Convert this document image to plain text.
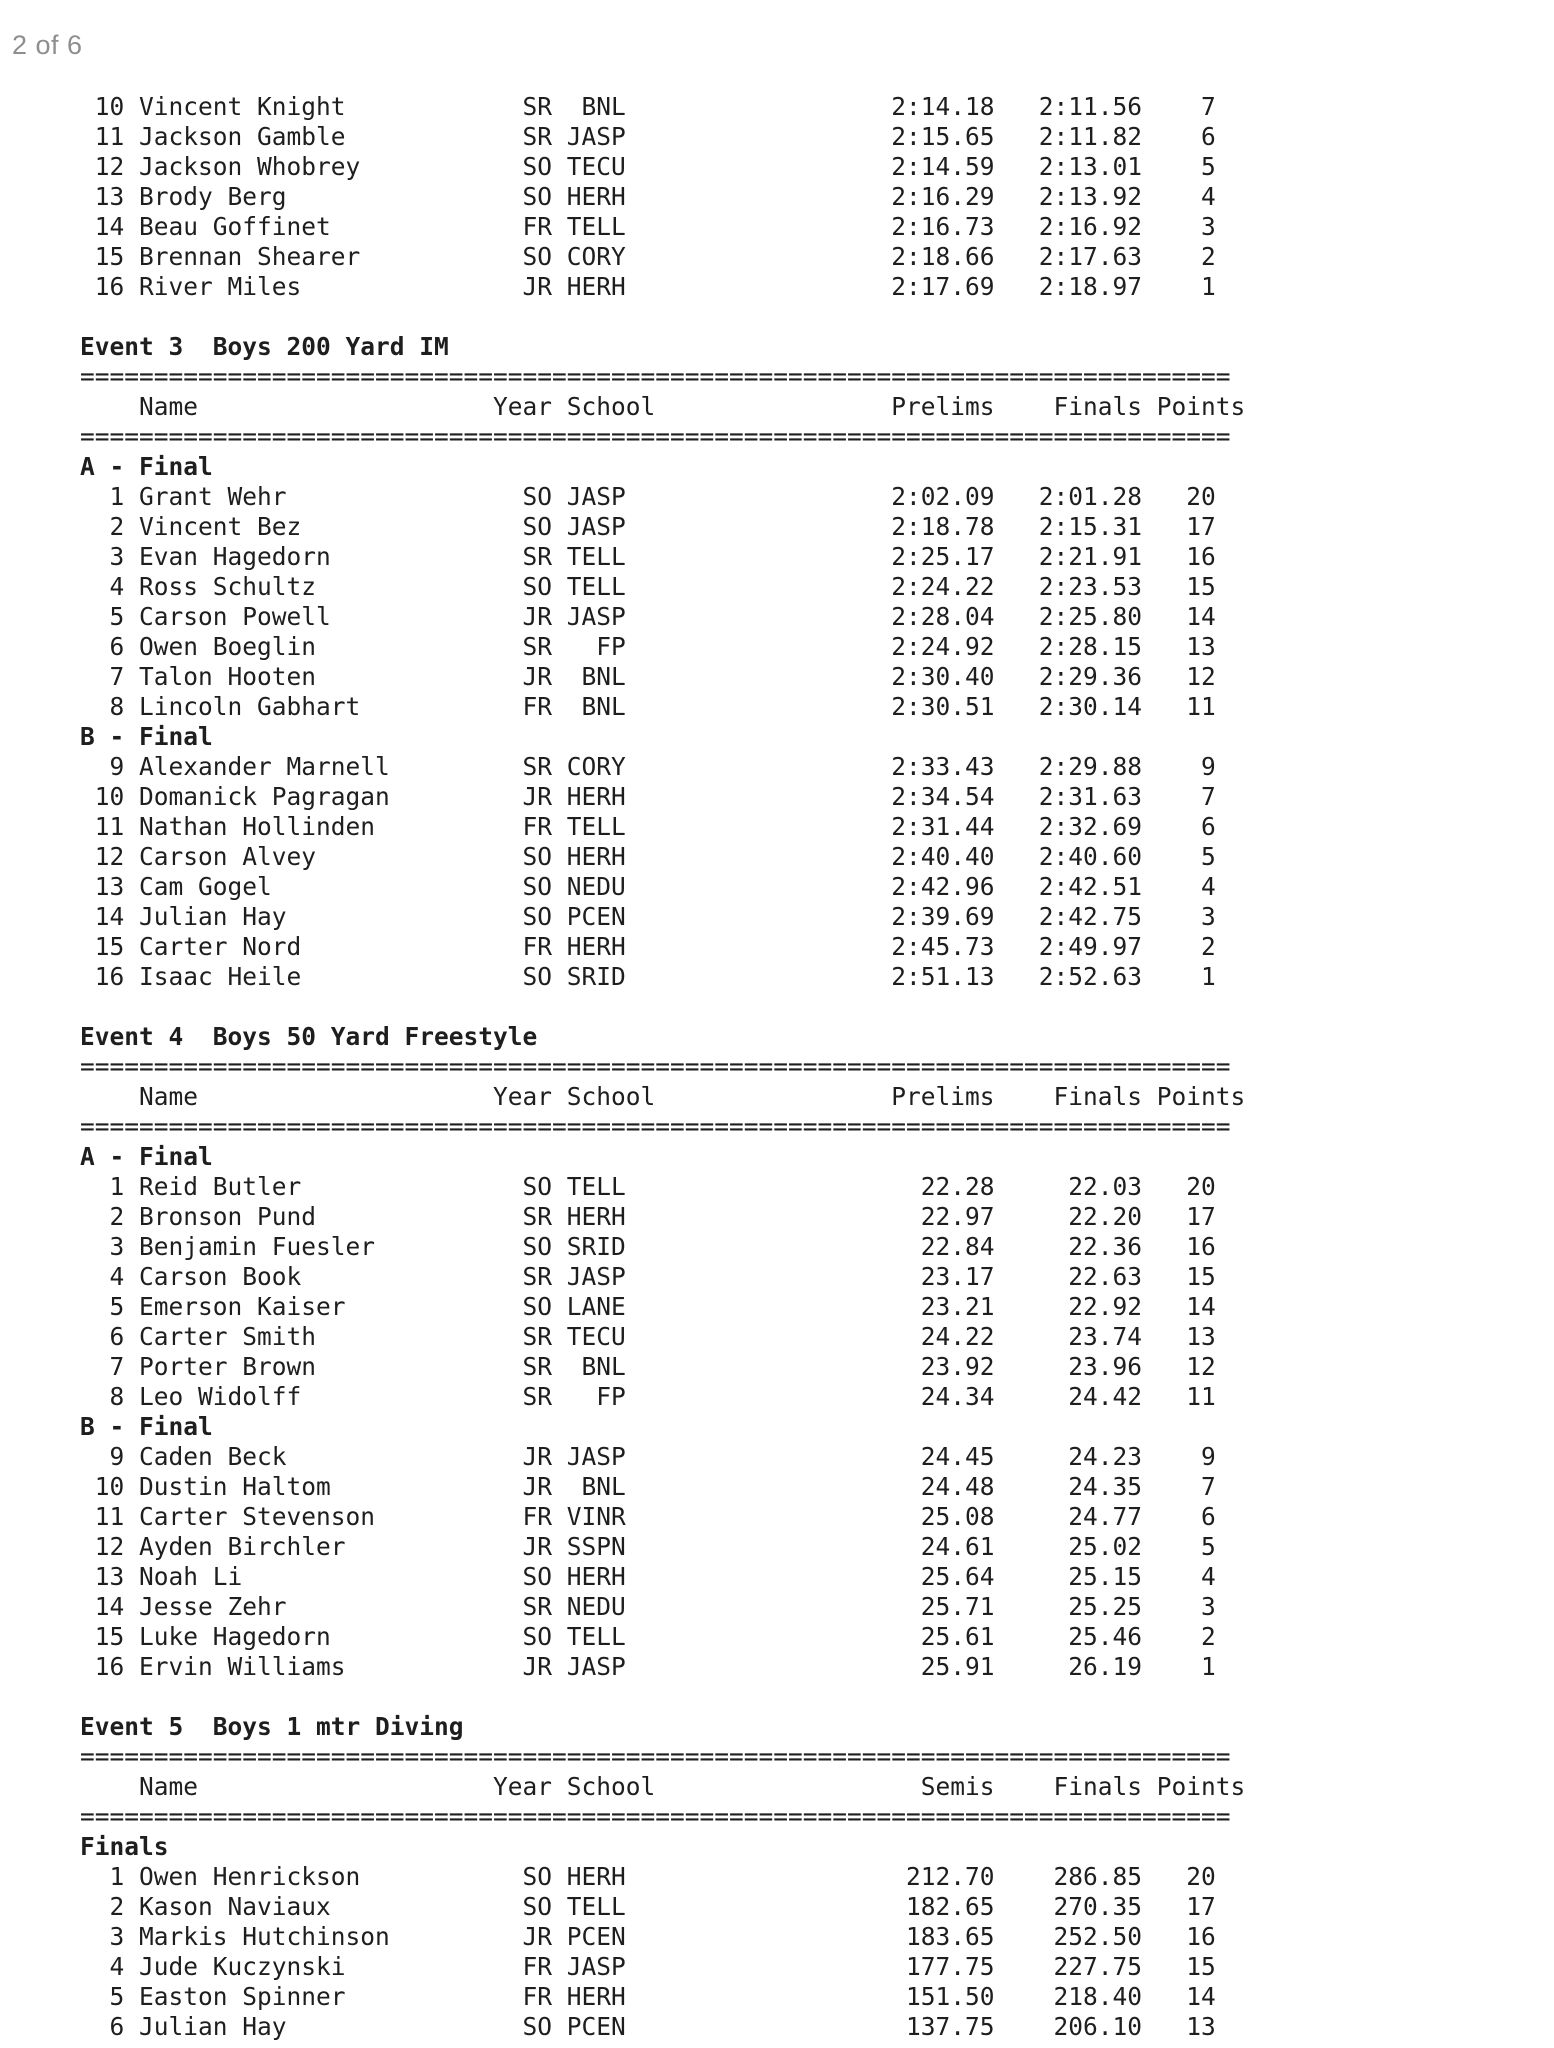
2 of 6
10 Vincent Knight            SR  BNL                  2:14.18   2:11.56    7
11 Jackson Gamble            SR JASP                  2:15.65   2:11.82    6
12 Jackson Whobrey           SO TECU                  2:14.59   2:13.01    5
13 Brody Berg                SO HERH                  2:16.29   2:13.92    4
14 Beau Goffinet             FR TELL                  2:16.73   2:16.92    3
15 Brennan Shearer           SO CORY                  2:18.66   2:17.63    2
16 River Miles               JR HERH                  2:17.69   2:18.97    1
Event 3  Boys 200 Yard IM
==============================================================================
Name                    Year School                Prelims    Finals Points
==============================================================================
A - Final
1 Grant Wehr                SO JASP                  2:02.09   2:01.28   20
2 Vincent Bez               SO JASP                  2:18.78   2:15.31   17
3 Evan Hagedorn             SR TELL                  2:25.17   2:21.91   16
4 Ross Schultz              SO TELL                  2:24.22   2:23.53   15
5 Carson Powell             JR JASP                  2:28.04   2:25.80   14
6 Owen Boeglin              SR   FP                  2:24.92   2:28.15   13
7 Talon Hooten              JR  BNL                  2:30.40   2:29.36   12
8 Lincoln Gabhart           FR  BNL                  2:30.51   2:30.14   11
B - Final
9 Alexander Marnell         SR CORY                  2:33.43   2:29.88    9
10 Domanick Pagragan         JR HERH                  2:34.54   2:31.63    7
11 Nathan Hollinden          FR TELL                  2:31.44   2:32.69    6
12 Carson Alvey              SO HERH                  2:40.40   2:40.60    5
13 Cam Gogel                 SO NEDU                  2:42.96   2:42.51    4
14 Julian Hay                SO PCEN                  2:39.69   2:42.75    3
15 Carter Nord               FR HERH                  2:45.73   2:49.97    2
16 Isaac Heile               SO SRID                  2:51.13   2:52.63    1
Event 4  Boys 50 Yard Freestyle
==============================================================================
Name                    Year School                Prelims    Finals Points
==============================================================================
A - Final
1 Reid Butler               SO TELL                    22.28     22.03   20
2 Bronson Pund              SR HERH                    22.97     22.20   17
3 Benjamin Fuesler          SO SRID                    22.84     22.36   16
4 Carson Book               SR JASP                    23.17     22.63   15
5 Emerson Kaiser            SO LANE                    23.21     22.92   14
6 Carter Smith              SR TECU                    24.22     23.74   13
7 Porter Brown              SR  BNL                    23.92     23.96   12
8 Leo Widolff               SR   FP                    24.34     24.42   11
B - Final
9 Caden Beck                JR JASP                    24.45     24.23    9
10 Dustin Haltom             JR  BNL                    24.48     24.35    7
11 Carter Stevenson          FR VINR                    25.08     24.77    6
12 Ayden Birchler            JR SSPN                    24.61     25.02    5
13 Noah Li                   SO HERH                    25.64     25.15    4
14 Jesse Zehr                SR NEDU                    25.71     25.25    3
15 Luke Hagedorn             SO TELL                    25.61     25.46    2
16 Ervin Williams            JR JASP                    25.91     26.19    1
Event 5  Boys 1 mtr Diving
==============================================================================
Name                    Year School                  Semis    Finals Points
==============================================================================
Finals
1 Owen Henrickson           SO HERH                   212.70    286.85   20
2 Kason Naviaux             SO TELL                   182.65    270.35   17
3 Markis Hutchinson         JR PCEN                   183.65    252.50   16
4 Jude Kuczynski            FR JASP                   177.75    227.75   15
5 Easton Spinner            FR HERH                   151.50    218.40   14
6 Julian Hay                SO PCEN                   137.75    206.10   13
